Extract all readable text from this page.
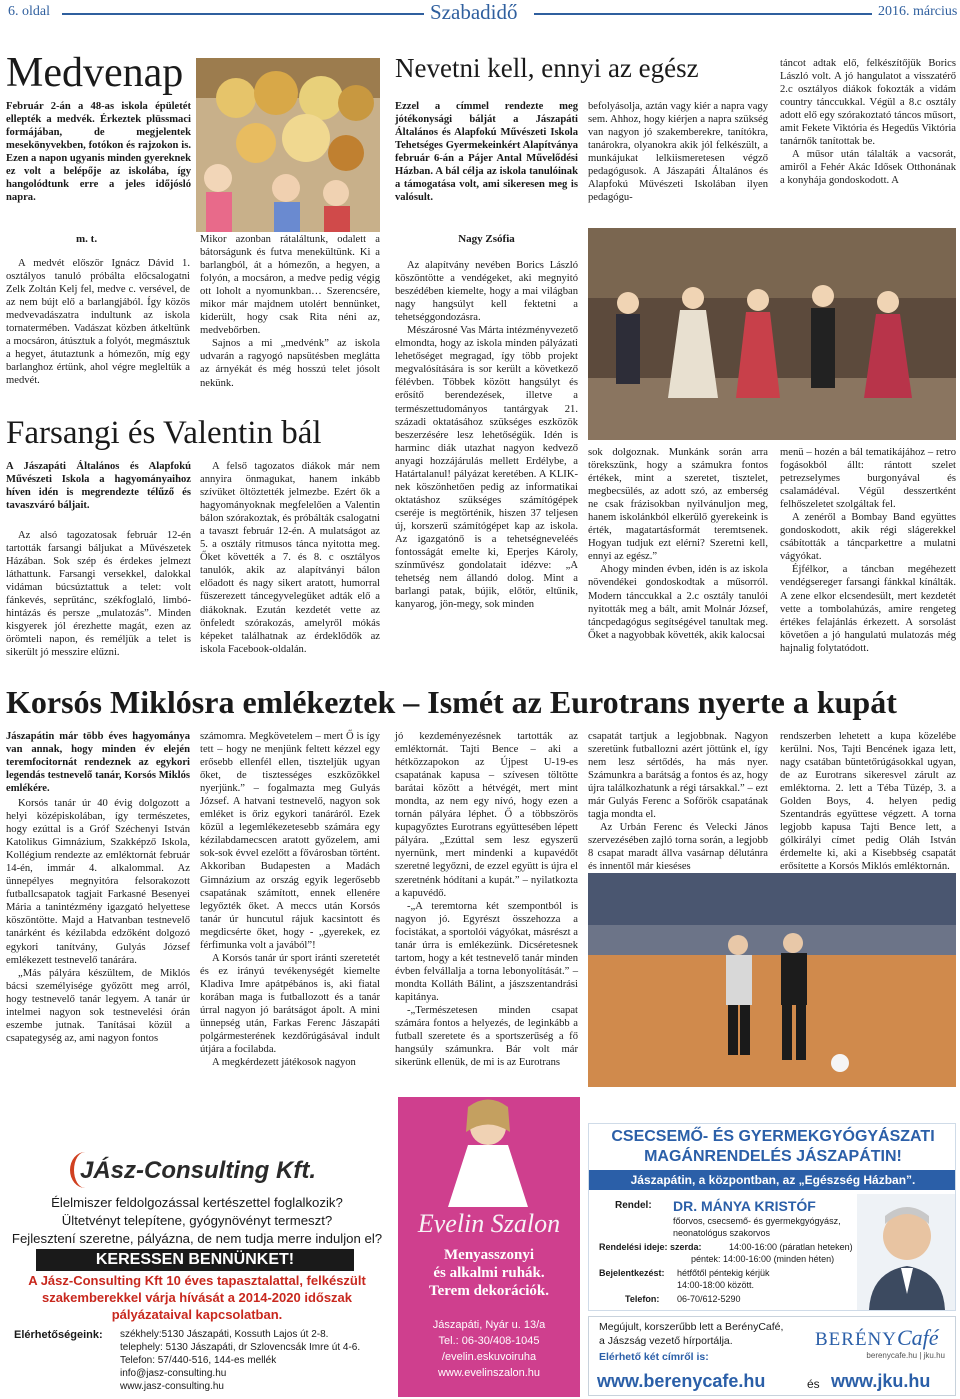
6. oldal	Szabadidő	2016. március
Medvenap

Február 2-án a 48-as iskola épületét ellepték a medvék. Érkeztek plüssmaci formájában, de megjelentek mesekönyvekben, fotókon és rajzokon is. Ezen a napon ugyanis minden gyereknek ez volt a belépője az iskolába, így hangolódtunk erre a jeles időjósló napra.

m. t.

A medvét először Ignácz Dávid 1. osztályos tanuló próbálta előcsalogatni Zelk Zoltán Kelj fel, medve c. versével, de az nem bújt elő a barlangjából. Így közös medvevadászatra indultunk az iskola tornatermében. Vadászat közben átkeltünk a mocsáron, átúsztuk a folyót, megmásztuk a hegyet, átutaztunk a hómezőn, míg egy barlanghoz értünk, ahol végre megleltük a medvét.

Mikor azonban rátaláltunk, odalett a bátorságunk és futva menekültünk. Ki a barlangból, át a hómezőn, a hegyen, a folyón, a mocsáron, a medve pedig végig ott loholt a nyomunkban… Szerencsére, mikor már majdnem utolért bennünket, kiderült, hogy csak Rita néni az, medvebőrben.

Sajnos a mi „medvénk” az iskola udvarán a ragyogó napsütésben meglátta az árnyékát és még hosszú telet jósolt nekünk.

Nevetni kell, ennyi az egész

Ezzel a címmel rendezte meg jótékonysági bálját a Jászapáti Általános és Alapfokú Művészeti Iskola Tehetséges Gyermekeinkért Alapítványa február 6-án a Pájer Antal Művelődési Házban. A bál célja az iskola tanulóinak a támogatása volt, ami sikeresen meg is valósult.

befolyásolja, aztán vagy kiér a napra vagy sem. Ahhoz, hogy kiérjen a napra szükség van nagyon jó szakemberekre, tanítókra, tanárokra, olyanokra akik jól felkészült, a munkájukat lelkiismeretesen végző pedagógusok. A Jászapáti Általános és Alapfokú Művészeti Iskolában ilyen pedagógu-

táncot adtak elő, felkészítőjük Borics László volt. A jó hangulatot a visszatérő 2.c osztályos diákok fokozták a vidám country tánccukkal. Végül a 8.c osztály adott elő egy szórakoztató táncos műsort, amit Fekete Viktória és Hegedűs Viktória tanárnők tanítottak be.

A műsor után tálalták a vacsorát, amiről a Fehér Akác Idősek Otthonának a konyhája gondoskodott. A

Nagy Zsófia

Az alapítvány nevében Borics László köszöntötte a vendégeket, aki megnyitó beszédében kiemelte, hogy a mai világban nagy hangsúlyt kell fektetni a tehetséggondozásra.

Mészárosné Vas Márta intézményvezető elmondta, hogy az iskola minden pályázati lehetőséget megragad, így több projekt megvalósítására is sor került a következő félévben. Többek között hangsúlyt és erősítő berendezések, illetve a természettudományos tantárgyak 21. századi oktatásához szükséges eszközök beszerzésére lesz lehetőségük. Idén is harminc diák utazhat nagyon kedvező anyagi hozzájárulás mellett Erdélybe, a Határtalanul! pályázat keretében. A KLIK-nek köszönhetően pedig az informatikai oktatáshoz szükséges számítógépek cseréje is megtörténik, hiszen 37 teljesen új, korszerű számítógépet kap az iskola. Az igazgatónő is a tehetségneveléés fontosságát emelte ki, Eperjes Károly, színművész gondolatait idézve: „A tehetség nem állandó dolog. Mint a barlangi patak, bújik, előtör, eltűnik, kanyarog, jön-megy, sok minden

sok dolgoznak. Munkánk során arra törekszünk, hogy a számukra fontos értékek, mint a szeretet, tisztelet, megbecsülés, az adott szó, az emberség ne csak frázisokban nyilvánuljon meg, hanem iskolánkból elkerülő gyerekeink is érték, magatartásformát teremtsenek. Hogyan tudjuk ezt elérni? Szeretni kell, ennyi az egész.”

Ahogy minden évben, idén is az iskola növendékei gondoskodtak a műsorról. Modern tánccukkal a 2.c osztály tanulói nyitották meg a bált, amit Molnár József, táncpedagógus segítségével tanultak meg. Őket a nagyobbak követték, akik kalocsai

menü – hozén a bál tematikájához – retro fogásokból állt: rántott szelet petrezselymes burgonyával és csalamádéval. Végül desszertként felhőszeletet szolgáltak fel.

A zenéről a Bombay Band együttes gondoskodott, akik régi slágerekkel csábították a táncparkettre a mulatni vágyókat.

Éjfélkor, a táncban megéhezett vendégseregeт farsangi fánkkal kínálták. A zene elkor elcsendesült, mert kezdetét vette a tombolahúzás, amire rengeteg értékes felajánlás érkezett. A sorsolást követően a jó hangulatú mulatozás még hajnalig folytatódott.

Farsangi és Valentin bál

A Jászapáti Általános és Alapfokú Művészeti Iskola a hagyományaihoz híven idén is megrendezte télűző és tavaszváró báljait.

Az alsó tagozatosak február 12-én tartották farsangi báljukat a Művészetek Házában. Sok szép és érdekes jelmezt láthattunk. Farsangi versekkel, dalokkal vidáman búcsúztattuk a telet: volt fánkevés, seprűtánc, székfoglaló, limbó-hintázás és persze „mulatozás”. Minden kisgyerek jól érezhette magát, ezen az örömteli napon, és reméljük a telet is sikerült jó messzire elűzni.

A felső tagozatos diákok már nem annyira önmagukat, hanem inkább szívüket öltöztették jelmezbe. Ezért ők a hagyományoknak megfelelően a Valentin bálon szórakoztak, és próbálták csalogatni a tavaszt február 12-én. A mulatságot az 5. a osztály ritmusos tánca nyitotta meg. Őket követték a 7. és 8. c osztályos tanulók, akik az alapítványi bálon előadott és nagy sikert aratott, humorral fűszerezett táncegyvelegüket adták elő a diákoknak. Ezután kezdetét vette az önfeledt szórakozás, amelyről mókás képeket találhatnak az érdeklődők az iskola Facebook-oldalán.

Korsós Miklósra emlékeztek – Ismét az Eurotrans nyerte a kupát

Jászapátin már több éves hagyománya van annak, hogy minden év elején teremfocitornát rendeznek az egykori legendás testnevelő tanár, Korsós Miklós emlékére.

Korsós tanár úr 40 évig dolgozott a helyi középiskolában, így természetes, hogy ezúttal is a Gróf Széchenyi István Katolikus Gimnázium, Szakképző Iskola, Kollégium rendezte az emléktornát február 14-én, immár 4. alkalommal. Az ünnepélyes megnyitóra felsorakozott futballcsapatok tagjait Farkasné Besenyei Mária a tanintézmény igazgató helyettese köszöntötte. Majd a Hatvanban testnevelő tanárként és kézilabda edzőként dolgozó egykori tanítvány, Gulyás József emlékezett testnevelő tanárára.

„Más pályára készültem, de Miklós bácsi személyisége győzött meg arról, hogy testnevelő tanár legyem. A tanár úr intelmei nagyon sok testnevelési órán eszembe jutnak. Tanításai közül a csapategység az, ami nagyon fontos

számomra. Megkövetelem – mert Ő is így tett – hogy ne menjünk feltett kézzel egy erősebb ellenfél ellen, tiszteljük ugyan őket, de tisztességes eszközökkel nyerjünk.” – fogalmazta meg Gulyás József. A hatvani testnevelő, nagyon sok emléket is őriz egykori tanáráról. Ezek közül a legemlékezetesebb számára egy kézilabdamecscen aratott győzelem, ami sok-sok évvel ezelőtt a fővárosban történt. Akkoriban Budapesten a Madách Gimnázium az ország egyik legerősebb csapatának számított, ennek ellenére legyőzték őket. A meccs után Korsós tanár úr huncutul rájuk kacsintott és megdicsérte őket, hogy - „gyerekek, ez férfimunka volt a javából”!

A Korsós tanár úr sport iránti szeretetét és ez irányú tevékenységét kiemelte Kladiva Imre apátpébános is, aki fiatal korában maga is futballozott és a tanár úrral nagyon jó barátságot ápolt. A mini ünnepség után, Farkas Ferenc Jászapáti polgármesterének kezdőrúgásával indult útjára a focilabda.

A megkérdezett játékosok nagyon

jó kezdeményezésnek tartották az emléktornát. Tajti Bence – aki a hétközzapokon az Újpest U-19-es csapatának kapusa – szívesen töltötte barátai között a hétvégét, mert mint mondta, az nem egy nívó, hogy ezen a tornán pályára léphet. Ő a többszörös kupagyőztes Eurotrans együttesében lépett pályára. „Ezúttal sem lesz egyszerű nyernünk, mert mindenki a kupavédőt szeretné legyőzni, de ezzel együtt is újra el szeretnénk hódítani a kupát.” – nyilatkozta a kapuvédő.

-„A teremtorna két szempontból is nagyon jó. Egyrészt összehozza a focistákat, a sportolói vágyókat, másrészt a tanár úrra is emlékezünk. Dicséretesnek tartom, hogy a két testnevelő tanár minden évben felvállalja a torna lebonyolítását.” – mondta Kolláth Bálint, a jászszentandrási kapitánya.

-„Természetesen minden csapat számára fontos a helyezés, de leginkább a futball szeretete és a sportszerűség a fő hangsúly számunkra. Bár volt már sikerünk ellenük, de mi is az Eurotrans

csapatát tartjuk a legjobbnak. Nagyon szeretünk futballozni azért jöttünk el, így nem lesz sértődés, ha más nyer. Számunkra a barátság a fontos és az, hogy újra találkozhatunk a régi társakkal.” – ezt már Gulyás Ferenc a Sofőrök csapatának tagja mondta el.

Az Urbán Ferenc és Velecki János szervezésében zajló torna során, a legjobb 8 csapat maradt állva vasárnap délutánra és innentől már kieséses

rendszerben lehetett a kupa közelébe kerülni. Nos, Tajti Bencének igaza lett, nagy csatában büntetőrúgásokkal ugyan, de az Eurotrans sikeresvel zárult az emléktorna. 2. lett a Téba Tüzép, 3. a Golden Boys, 4. helyen pedig Szentandrás együttese végzett. A torna legjobb kapusa Tajti Bence lett, a gólkirályi címet pedig Oláh István érdemelte ki, aki a Kisebbség csapatát erősítette a Korsós Miklós emléktornán.

JÁsz-Consulting Kft.
Élelmiszer feldolgozással kertészettel foglalkozik?
Ültetvényt telepítene, gyógynövényt termeszt?
Fejlesztení szeretne, pályázna, de nem tudja merre induljon el?
KERESSEN BENNÜNKET!
A Jász-Consulting Kft 10 éves tapasztalattal, felkészült szakemberekkel várja hívását a 2014-2020 időszak pályázataival kapcsolatban.
Elérhetőségeink: székhely:5130 Jászapáti, Kossuth Lajos út 2-8.
telephely: 5130 Jászapáti, dr Szlovencsák Imre út 4-6.
Telefon: 57/440-516, 144-es mellék
info@jasz-consulting.hu
www.jasz-consulting.hu
Evelin Szalon
Menyasszonyi
és alkalmi ruhák.
Terem dekorációk.
Jászapáti, Nyár u. 13/a
Tel.: 06-30/408-1045
/evelin.eskuvoiruha
www.evelinszalon.hu
CSECSEMŐ- ÉS GYERMEKGYÓGYÁSZATI
MAGÁNRENDELÉS JÁSZAPÁTIN!
Jászapátin, a központban, az „Egészség Házban”.
Rendel: DR. MÁNYA KRISTÓF
főorvos, csecsemő- és gyermekgyógyász,
neonatológus szakorvos
Rendelési ideje: szerda:	14:00-16:00 (páratlan heteken)
péntek: 14:00-16:00 (minden héten)
Bejelentkezést: hétfőtől péntekig kérjük
14:00-18:00 között.
Telefon: 06-70/612-5290
Megújult, korszerűbb lett a BerényCafé,
a Jászság vezető hírportálja.
Elérhető két címről is:
BERÉNYCafé
berenycafe.hu | jku.hu
www.berenycafe.hu	és www.jku.hu
